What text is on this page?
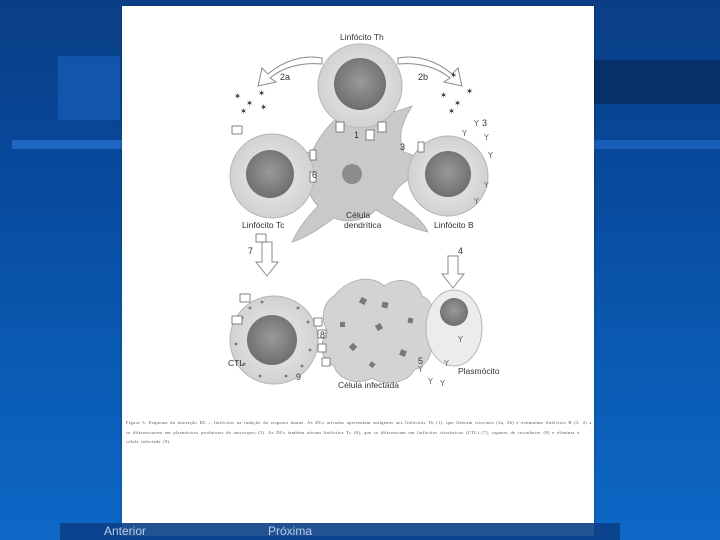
✶
✶
✶
✶ ✶
✶
✶
✶
✶
✶
Y
Y
Y
Y
Y
Y
Y
Y
Y Y
Y
Linfócito Th
Linfócito Tc	Linfócito B
Célula
dendrítica
CTL
Plasmócito
Célula infectada
2a	2b
1
3
3
6
7	4
8
5
9
Figura 5. Esquema da interação DC – linfócitos na indução da resposta imune. As DCs ativadas apresentam antígenos aos linfócitos Th (1), que liberam citocinas (2a, 2b) e estimulam linfócitos B (3, 4) a se diferenciarem em plasmócitos produtores de anticorpos (5). As DCs também ativam linfócitos Tc (6), que se diferenciam em linfócitos citotóxicos (CTL) (7), capazes de reconhecer (8) e eliminar a célula infectada (9).
Anterior	Próxima
